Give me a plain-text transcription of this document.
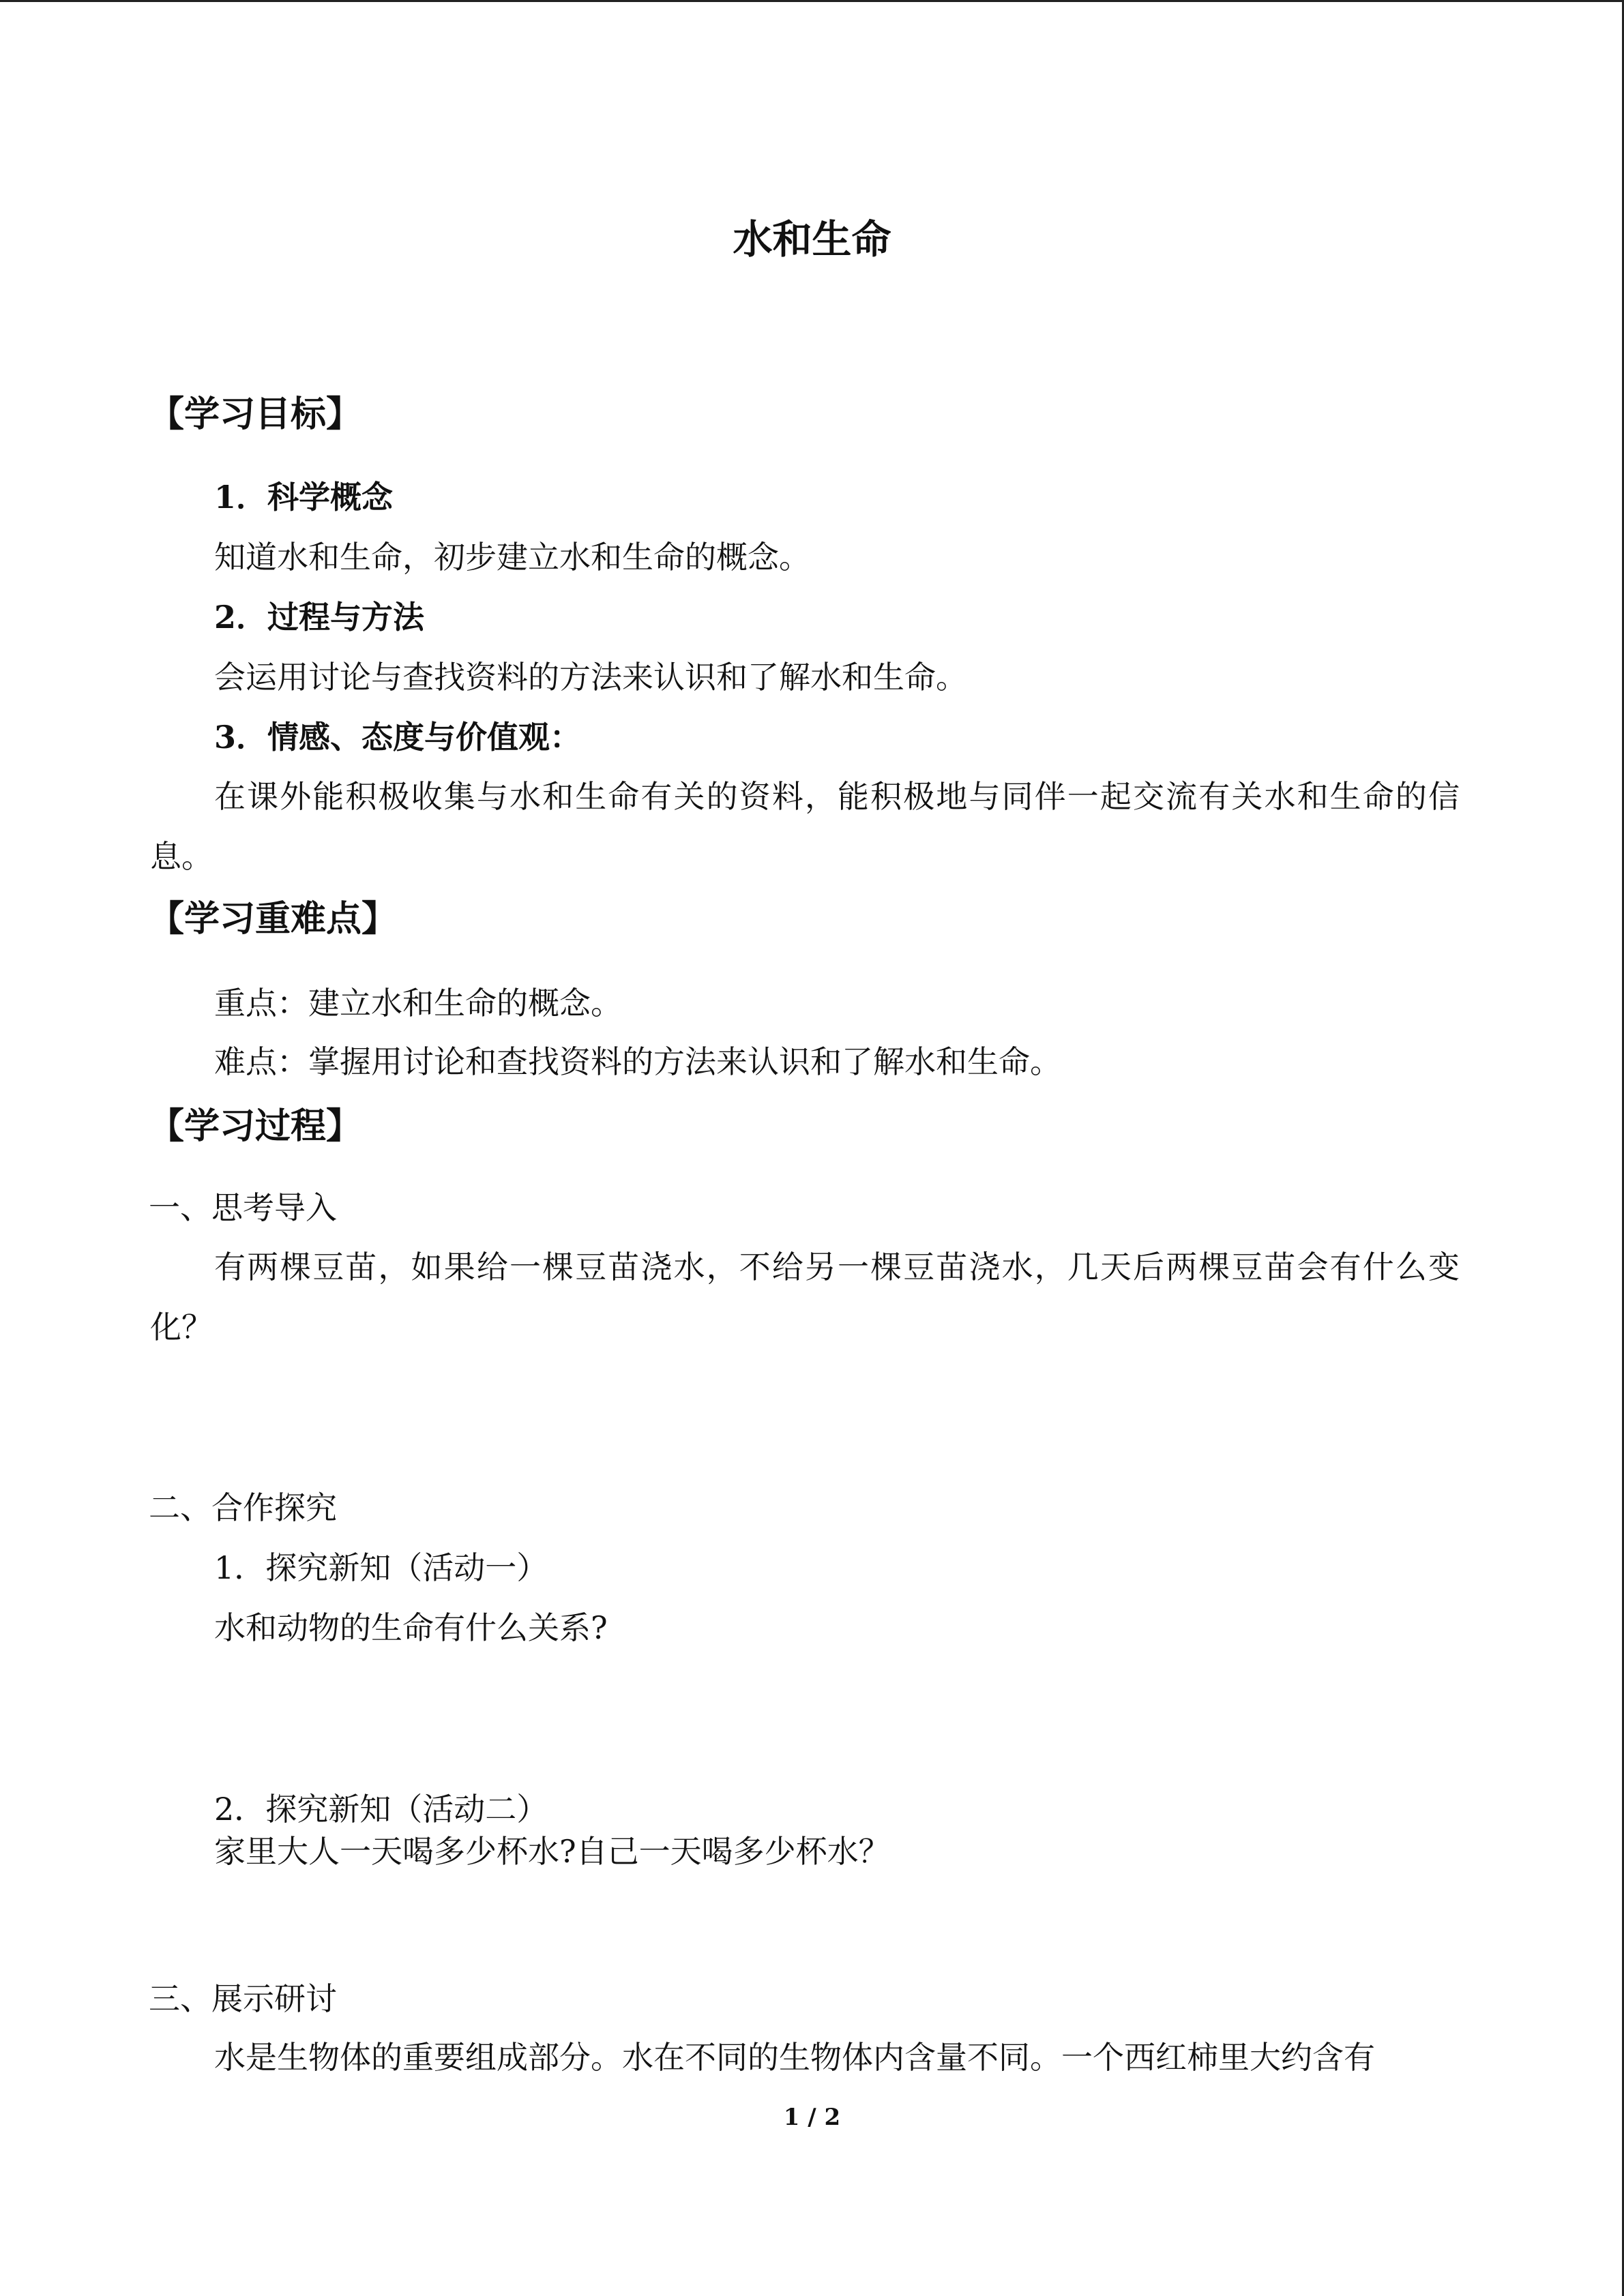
水和生命
【学习目标】
1．科学概念
知道水和生命，初步建立水和生命的概念。
2．过程与方法
会运用讨论与查找资料的方法来认识和了解水和生命。
3．情感、态度与价值观：
在课外能积极收集与水和生命有关的资料，能积极地与同伴一起交流有关水和生命的信息。
【学习重难点】
重点：建立水和生命的概念。
难点：掌握用讨论和查找资料的方法来认识和了解水和生命。
【学习过程】
一、思考导入
有两棵豆苗，如果给一棵豆苗浇水，不给另一棵豆苗浇水，几天后两棵豆苗会有什么变化？
二、合作探究
1．探究新知（活动一）
水和动物的生命有什么关系?
2．探究新知（活动二）
家里大人一天喝多少杯水?自己一天喝多少杯水？
三、展示研讨
水是生物体的重要组成部分。水在不同的生物体内含量不同。一个西红柿里大约含有
1 / 2
